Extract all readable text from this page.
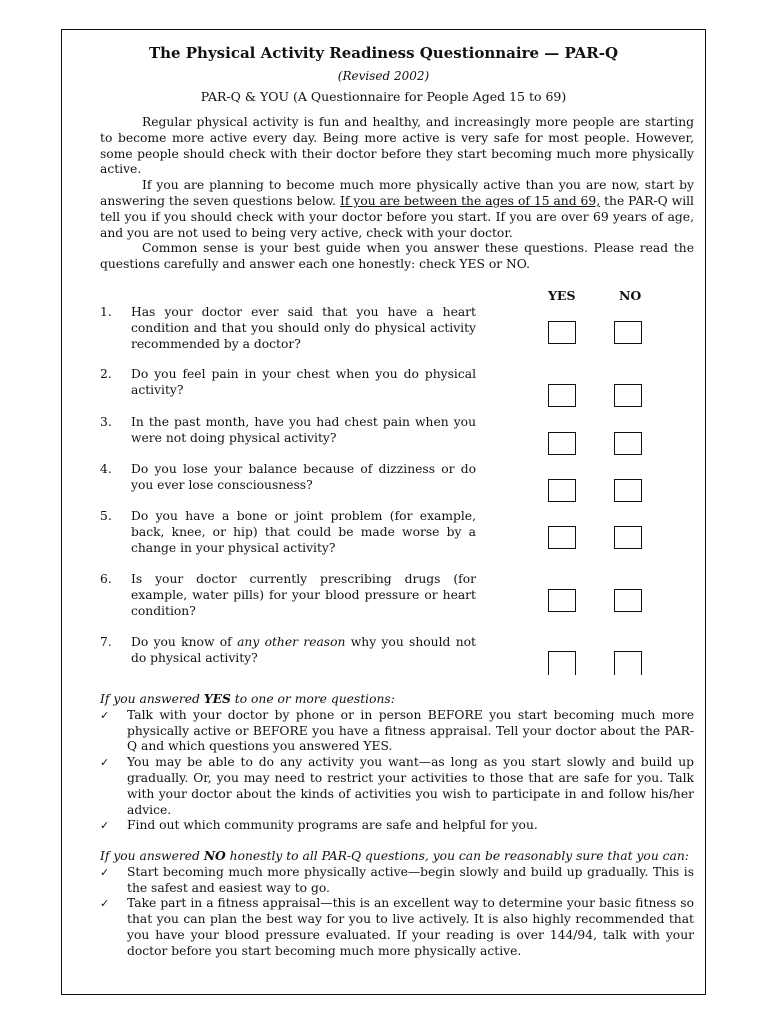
The Physical Activity Readiness Questionnaire — PAR-Q
(Revised 2002)
PAR-Q & YOU (A Questionnaire for People Aged 15 to 69)

Regular physical activity is fun and healthy, and increasingly more people are starting to become more active every day. Being more active is very safe for most people. However, some people should check with their doctor before they start becoming much more physically active.

If you are planning to become much more physically active than you are now, start by answering the seven questions below. If you are between the ages of 15 and 69, the PAR-Q will tell you if you should check with your doctor before you start. If you are over 69 years of age, and you are not used to being very active, check with your doctor.

Common sense is your best guide when you answer these questions. Please read the questions carefully and answer each one honestly: check YES or NO.

YES	NO
1. Has your doctor ever said that you have a heart condition and that you should only do physical activity recommended by a doctor?
2. Do you feel pain in your chest when you do physical activity?
3. In the past month, have you had chest pain when you were not doing physical activity?
4. Do you lose your balance because of dizziness or do you ever lose consciousness?
5. Do you have a bone or joint problem (for example, back, knee, or hip) that could be made worse by a change in your physical activity?
6. Is your doctor currently prescribing drugs (for example, water pills) for your blood pressure or heart condition?
7. Do you know of any other reason why you should not do physical activity?
If you answered YES to one or more questions:
✓ Talk with your doctor by phone or in person BEFORE you start becoming much more physically active or BEFORE you have a fitness appraisal. Tell your doctor about the PAR-Q and which questions you answered YES.
✓ You may be able to do any activity you want—as long as you start slowly and build up gradually. Or, you may need to restrict your activities to those that are safe for you. Talk with your doctor about the kinds of activities you wish to participate in and follow his/her advice.
✓ Find out which community programs are safe and helpful for you.
If you answered NO honestly to all PAR-Q questions, you can be reasonably sure that you can:
✓ Start becoming much more physically active—begin slowly and build up gradually. This is the safest and easiest way to go.
✓ Take part in a fitness appraisal—this is an excellent way to determine your basic fitness so that you can plan the best way for you to live actively. It is also highly recommended that you have your blood pressure evaluated. If your reading is over 144/94, talk with your doctor before you start becoming much more physically active.
